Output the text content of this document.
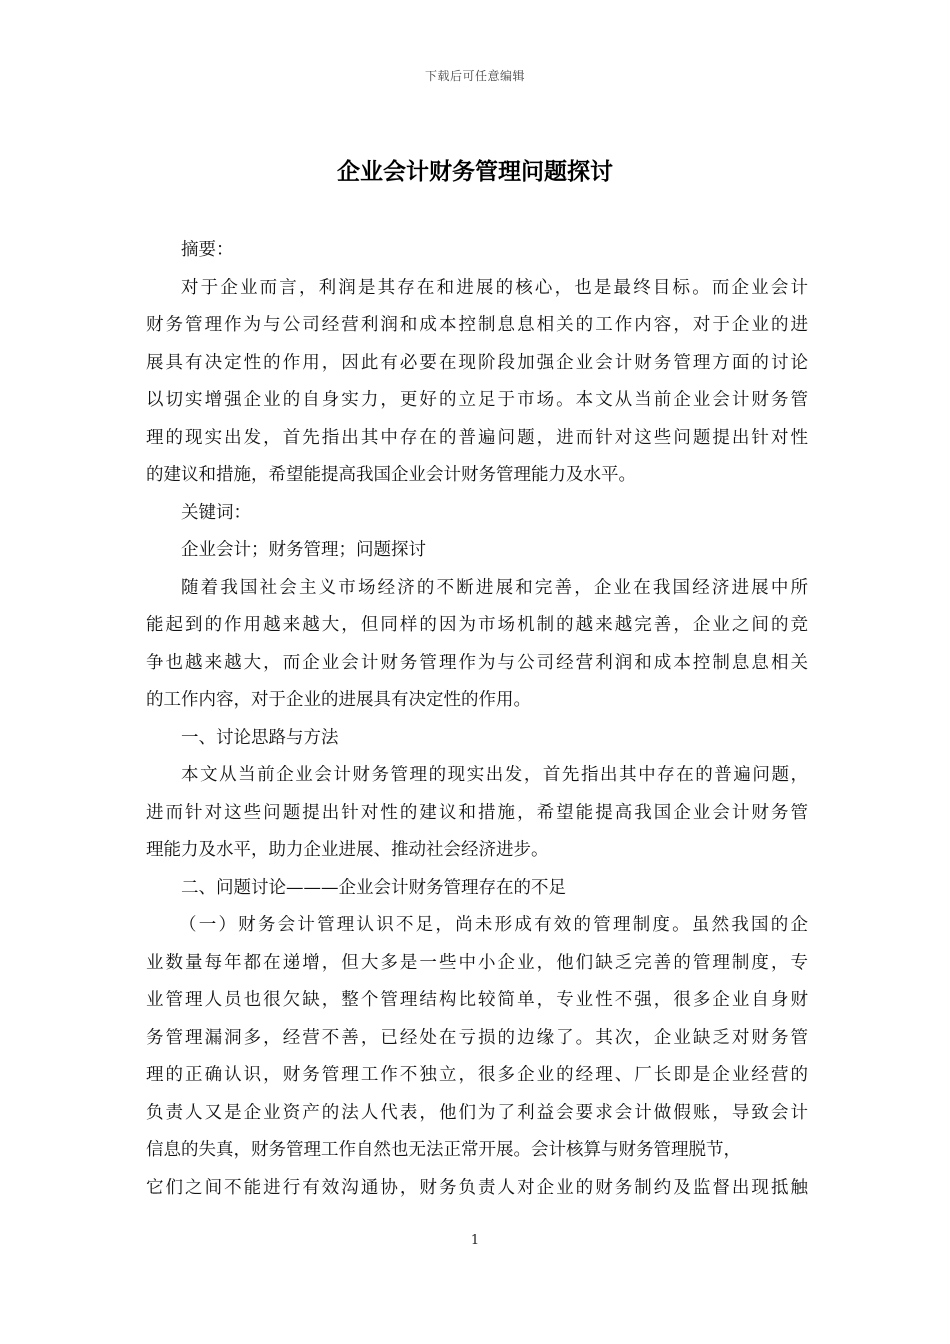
下载后可任意编辑
企业会计财务管理问题探讨
摘要：
对于企业而言，利润是其存在和进展的核心，也是最终目标。而企业会计
财务管理作为与公司经营利润和成本控制息息相关的工作内容，对于企业的进
展具有决定性的作用，因此有必要在现阶段加强企业会计财务管理方面的讨论
以切实增强企业的自身实力，更好的立足于市场。本文从当前企业会计财务管
理的现实出发，首先指出其中存在的普遍问题，进而针对这些问题提出针对性
的建议和措施，希望能提高我国企业会计财务管理能力及水平。
关键词：
企业会计；财务管理；问题探讨
随着我国社会主义市场经济的不断进展和完善，企业在我国经济进展中所
能起到的作用越来越大，但同样的因为市场机制的越来越完善，企业之间的竞
争也越来越大，而企业会计财务管理作为与公司经营利润和成本控制息息相关
的工作内容，对于企业的进展具有决定性的作用。
一、讨论思路与方法
本文从当前企业会计财务管理的现实出发，首先指出其中存在的普遍问题，
进而针对这些问题提出针对性的建议和措施，希望能提高我国企业会计财务管
理能力及水平，助力企业进展、推动社会经济进步。
二、问题讨论———企业会计财务管理存在的不足
（一）财务会计管理认识不足，尚未形成有效的管理制度。虽然我国的企
业数量每年都在递增，但大多是一些中小企业，他们缺乏完善的管理制度，专
业管理人员也很欠缺，整个管理结构比较简单，专业性不强，很多企业自身财
务管理漏洞多，经营不善，已经处在亏损的边缘了。其次，企业缺乏对财务管
理的正确认识，财务管理工作不独立，很多企业的经理、厂长即是企业经营的
负责人又是企业资产的法人代表，他们为了利益会要求会计做假账，导致会计
信息的失真，财务管理工作自然也无法正常开展。会计核算与财务管理脱节，
它们之间不能进行有效沟通协，财务负责人对企业的财务制约及监督出现抵触
1
